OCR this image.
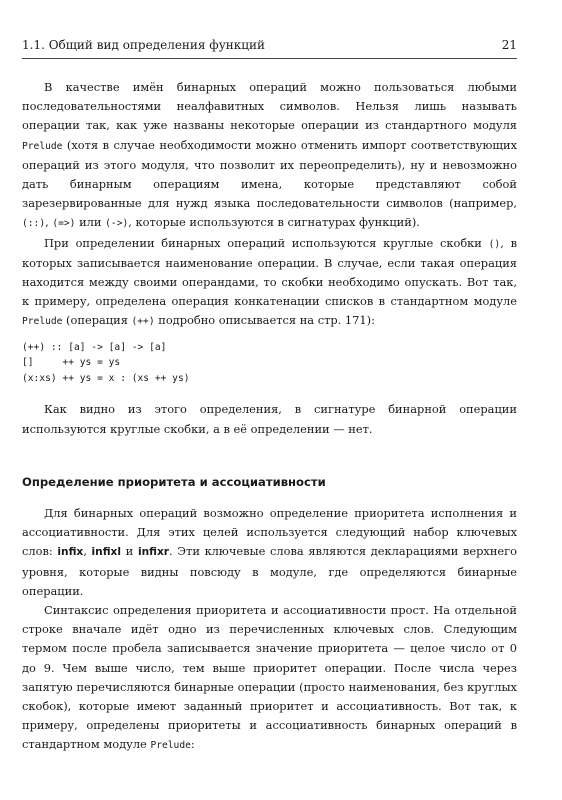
1.1. Общий вид определения функций	21

В качестве имён бинарных операций можно пользоваться любыми последовательностями неалфавитных символов. Нельзя лишь называть операции так, как уже названы некоторые операции из стандартного модуля Prelude (хотя в случае необходимости можно отменить импорт соответствующих операций из этого модуля, что позволит их переопределить), ну и невозможно дать бинарным операциям имена, которые представляют собой зарезервированные для нужд языка последовательности символов (например, (::), (=>) или (->), которые используются в сигнатурах функций).

При определении бинарных операций используются круглые скобки (), в которых записывается наименование операции. В случае, если такая операция находится между своими операндами, то скобки необходимо опускать. Вот так, к примеру, определена операция конкатенации списков в стандартном модуле Prelude (операция (++) подробно описывается на стр. 171):

(++) :: [a] -> [a] -> [a]
[]     ++ ys = ys
(x:xs) ++ ys = x : (xs ++ ys)

Как видно из этого определения, в сигнатуре бинарной операции используются круглые скобки, а в её определении — нет.

Определение приоритета и ассоциативности

Для бинарных операций возможно определение приоритета исполнения и ассоциативности. Для этих целей используется следующий набор ключевых слов: infix, infixl и infixr. Эти ключевые слова являются декларациями верхнего уровня, которые видны повсюду в модуле, где определяются бинарные операции.

Синтаксис определения приоритета и ассоциативности прост. На отдельной строке вначале идёт одно из перечисленных ключевых слов. Следующим термом после пробела записывается значение приоритета — целое число от 0 до 9. Чем выше число, тем выше приоритет операции. После числа через запятую перечисляются бинарные операции (просто наименования, без круглых скобок), которые имеют заданный приоритет и ассоциативность. Вот так, к примеру, определены приоритеты и ассоциативность бинарных операций в стандартном модуле Prelude:
